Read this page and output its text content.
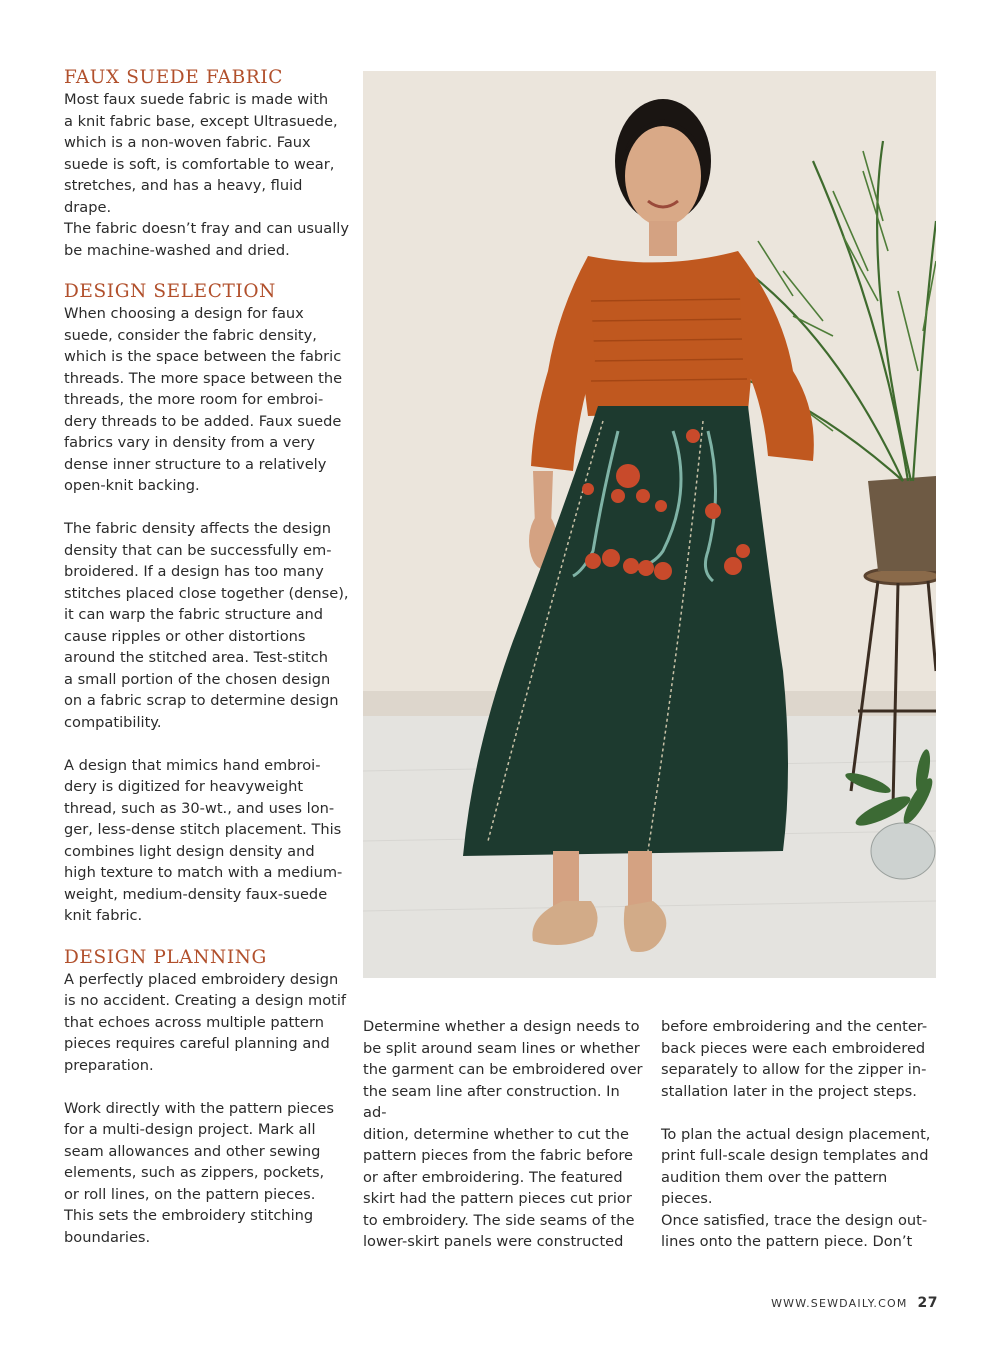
FAUX SUEDE FABRIC

Most faux suede fabric is made with
a knit fabric base, except Ultrasuede,
which is a non-woven fabric. Faux
suede is soft, is comfortable to wear,
stretches, and has a heavy, fluid drape.
The fabric doesn’t fray and can usually
be machine-washed and dried.

DESIGN SELECTION

When choosing a design for faux
suede, consider the fabric density,
which is the space between the fabric
threads. The more space between the
threads, the more room for embroi-
dery threads to be added. Faux suede
fabrics vary in density from a very
dense inner structure to a relatively
open-knit backing.

The fabric density affects the design
density that can be successfully em-
broidered. If a design has too many
stitches placed close together (dense),
it can warp the fabric structure and
cause ripples or other distortions
around the stitched area. Test-stitch
a small portion of the chosen design
on a fabric scrap to determine design
compatibility.

A design that mimics hand embroi-
dery is digitized for heavyweight
thread, such as 30-wt., and uses lon-
ger, less-dense stitch placement. This
combines light design density and
high texture to match with a medium-
weight, medium-density faux-suede
knit fabric.

DESIGN PLANNING

A perfectly placed embroidery design
is no accident. Creating a design motif
that echoes across multiple pattern
pieces requires careful planning and
preparation.

Work directly with the pattern pieces
for a multi-design project. Mark all
seam allowances and other sewing
elements, such as zippers, pockets,
or roll lines, on the pattern pieces.
This sets the embroidery stitching
boundaries.

Determine whether a design needs to
be split around seam lines or whether
the garment can be embroidered over
the seam line after construction. In ad-
dition, determine whether to cut the
pattern pieces from the fabric before
or after embroidering. The featured
skirt had the pattern pieces cut prior
to embroidery. The side seams of the
lower-skirt panels were constructed

before embroidering and the center-
back pieces were each embroidered
separately to allow for the zipper in-
stallation later in the project steps.

To plan the actual design placement,
print full-scale design templates and
audition them over the pattern pieces.
Once satisfied, trace the design out-
lines onto the pattern piece. Don’t

WWW.SEWDAILY.COM 27
